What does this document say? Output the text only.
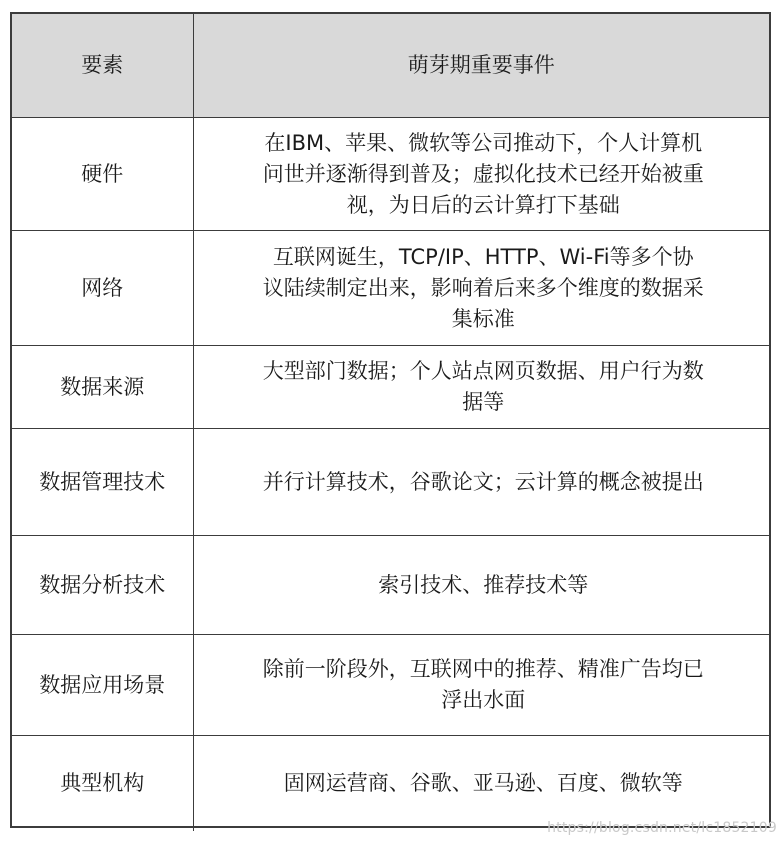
要素	萌芽期重要事件
硬件	在IBM、苹果、微软等公司推动下，个人计算机
问世并逐渐得到普及；虚拟化技术已经开始被重
视，为日后的云计算打下基础

网络	互联网诞生，TCP/IP、HTTP、Wi-Fi等多个协
议陆续制定出来，影响着后来多个维度的数据采
集标准

数据来源	大型部门数据；个人站点网页数据、用户行为数
据等

数据管理技术	并行计算技术，谷歌论文；云计算的概念被提出

数据分析技术	索引技术、推荐技术等

数据应用场景	除前一阶段外，互联网中的推荐、精准广告均已
浮出水面

典型机构	固网运营商、谷歌、亚马逊、百度、微软等
https://blog.csdn.net/lc1852109
